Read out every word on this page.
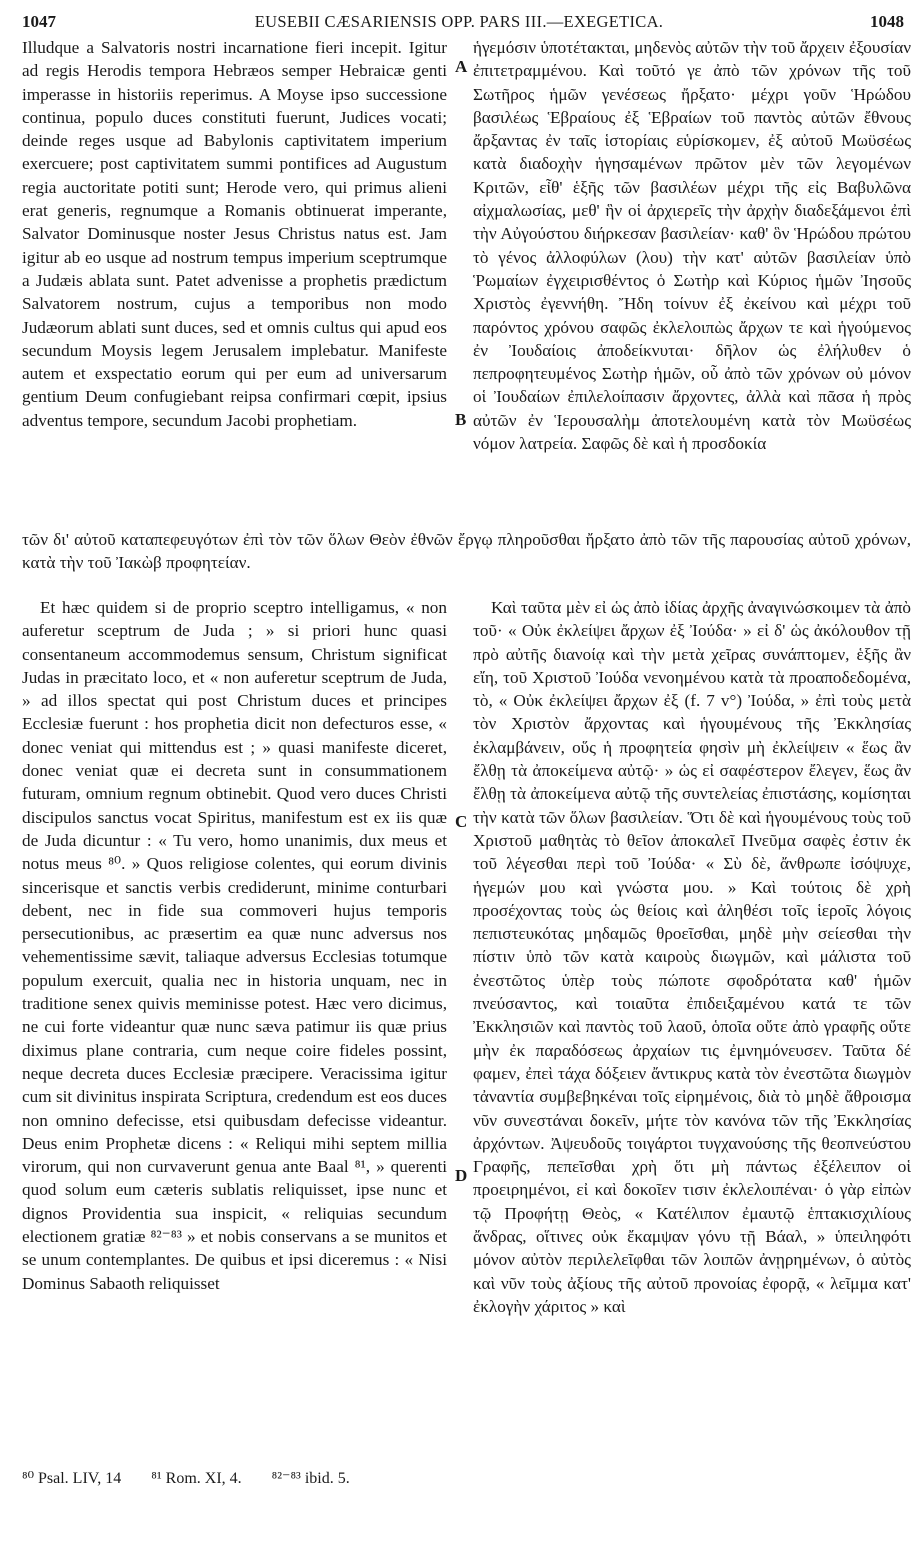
EUSEBII CÆSARIENSIS OPP. PARS III.—EXEGETICA.
1047	1048

Illudque a Salvatoris nostri incarnatione fieri incepit. Igitur ad regis Herodis tempora Hebræos semper Hebraicæ genti imperasse in historiis reperimus. A Moyse ipso successione continua, populo duces constituti fuerunt, Judices vocati; deinde reges usque ad Babylonis captivitatem imperium exercuere; post captivitatem summi pontifices ad Augustum regia auctoritate potiti sunt; Herode vero, qui primus alieni erat generis, regnumque a Romanis obtinuerat imperante, Salvator Dominusque noster Jesus Christus natus est. Jam igitur ab eo usque ad nostrum tempus imperium sceptrumque a Judæis ablata sunt. Patet advenisse a prophetis prædictum Salvatorem nostrum, cujus a temporibus non modo Judæorum ablati sunt duces, sed et omnis cultus qui apud eos secundum Moysis legem Jerusalem implebatur. Manifeste autem et exspectatio eorum qui per eum ad universarum gentium Deum confugiebant reipsa confirmari cœpit, ipsius adventus tempore, secundum Jacobi prophetiam.

A

ἡγεμόσιν ὑποτέτακται, μηδενὸς αὐτῶν τὴν τοῦ ἄρχειν ἐξουσίαν ἐπιτετραμμένου. Καὶ τοῦτό γε ἀπὸ τῶν χρόνων τῆς τοῦ Σωτῆρος ἡμῶν γενέσεως ἤρξατο· μέχρι γοῦν Ἡρώδου βασιλέως Ἑβραίους ἐξ Ἑβραίων τοῦ παντὸς αὐτῶν ἔθνους ἄρξαντας ἐν ταῖς ἱστορίαις εὑρίσκομεν, ἐξ αὐτοῦ Μωϋσέως κατὰ διαδοχὴν ἡγησαμένων πρῶτον μὲν τῶν λεγομένων Κριτῶν, εἶθ' ἑξῆς τῶν βασιλέων μέχρι τῆς εἰς Βαβυλῶνα αἰχμαλωσίας, μεθ' ἣν οἱ ἀρχιερεῖς τὴν ἀρχὴν διαδεξάμενοι ἐπὶ τὴν Αὐγούστου διήρκεσαν βασιλείαν· καθ' ὃν Ἡρώδου πρώτου τὸ γένος ἀλλοφύλων (λου) τὴν κατ' αὐτῶν βασιλείαν ὑπὸ Ῥωμαίων ἐγχειρισθέντος ὁ Σωτὴρ καὶ Κύριος ἡμῶν Ἰησοῦς Χριστὸς ἐγεννήθη. Ἤδη τοίνυν ἐξ ἐκείνου καὶ μέχρι τοῦ παρόντος χρόνου σαφῶς ἐκλελοιπὼς ἄρχων τε καὶ ἡγούμενος ἐν Ἰουδαίοις ἀποδείκνυται· δῆλον ὡς ἐλήλυθεν ὁ πεπροφητευμένος Σωτὴρ ἡμῶν, οὗ ἀπὸ τῶν χρόνων οὐ μόνον οἱ Ἰουδαίων ἐπιλελοίπασιν ἄρχοντες, ἀλλὰ καὶ πᾶσα ἡ πρὸς αὐτῶν ἐν Ἱερουσαλὴμ ἀποτελουμένη κατὰ τὸν Μωϋσέως νόμον λατρεία. Σαφῶς δὲ καὶ ἡ προσδοκία

B
τῶν δι' αὐτοῦ καταπεφευγότων ἐπὶ τὸν τῶν ὅλων Θεὸν ἐθνῶν ἔργῳ πληροῦσθαι ἤρξατο ἀπὸ τῶν τῆς παρουσίας αὐτοῦ χρόνων, κατὰ τὴν τοῦ Ἰακὼβ προφητείαν.

Et hæc quidem si de proprio sceptro intelligamus, « non auferetur sceptrum de Juda ; » si priori hunc quasi consentaneum accommodemus sensum, Christum significat Judas in præcitato loco, et « non auferetur sceptrum de Juda, » ad illos spectat qui post Christum duces et principes Ecclesiæ fuerunt : hos prophetia dicit non defecturos esse, « donec veniat qui mittendus est ; » quasi manifeste diceret, donec veniat quæ ei decreta sunt in consummationem futuram, omnium regnum obtinebit. Quod vero duces Christi discipulos sanctus vocat Spiritus, manifestum est ex iis quæ de Juda dicuntur : « Tu vero, homo unanimis, dux meus et notus meus ⁸⁰. » Quos religiose colentes, qui eorum divinis sincerisque et sanctis verbis crediderunt, minime conturbari debent, nec in fide sua commoveri hujus temporis persecutionibus, ac præsertim ea quæ nunc adversus nos vehementissime sævit, taliaque adversus Ecclesias totumque populum exercuit, qualia nec in historia unquam, nec in traditione senex quivis meminisse potest. Hæc vero dicimus, ne cui forte videantur quæ nunc sæva patimur iis quæ prius diximus plane contraria, cum neque coire fideles possint, neque decreta duces Ecclesiæ præcipere. Veracissima igitur cum sit divinitus inspirata Scriptura, credendum est eos duces non omnino defecisse, etsi quibusdam defecisse videantur. Deus enim Prophetæ dicens : « Reliqui mihi septem millia virorum, qui non curvaverunt genua ante Baal ⁸¹, » querenti quod solum eum cæteris sublatis reliquisset, ipse nunc et dignos Providentia sua inspicit, « reliquias secundum electionem gratiæ ⁸²⁻⁸³ » et nobis conservans a se munitos et se unum contemplantes. De quibus et ipsi diceremus : « Nisi Dominus Sabaoth reliquisset

C

Καὶ ταῦτα μὲν εἰ ὡς ἀπὸ ἰδίας ἀρχῆς ἀναγινώσκοιμεν τὰ ἀπὸ τοῦ· « Οὐκ ἐκλείψει ἄρχων ἐξ Ἰούδα· » εἰ δ' ὡς ἀκόλουθον τῇ πρὸ αὐτῆς διανοίᾳ καὶ τὴν μετὰ χεῖρας συνάπτομεν, ἑξῆς ἂν εἴη, τοῦ Χριστοῦ Ἰούδα νενοημένου κατὰ τὰ προαποδεδομένα, τὸ, « Οὐκ ἐκλείψει ἄρχων ἐξ (f. 7 v°) Ἰούδα, » ἐπὶ τοὺς μετὰ τὸν Χριστὸν ἄρχοντας καὶ ἡγουμένους τῆς Ἐκκλησίας ἐκλαμβάνειν, οὕς ἡ προφητεία φησὶν μὴ ἐκλείψειν « ἕως ἂν ἔλθῃ τὰ ἀποκείμενα αὐτῷ· » ὡς εἰ σαφέστερον ἔλεγεν, ἕως ἂν ἔλθῃ τὰ ἀποκείμενα αὐτῷ τῆς συντελείας ἐπιστάσης, κομίσηται τὴν κατὰ τῶν ὅλων βασιλείαν. Ὅτι δὲ καὶ ἡγουμένους τοὺς τοῦ Χριστοῦ μαθητὰς τὸ θεῖον ἀποκαλεῖ Πνεῦμα σαφὲς ἐστιν ἐκ τοῦ λέγεσθαι περὶ τοῦ Ἰούδα· « Σὺ δὲ, ἄνθρωπε ἰσόψυχε, ἡγεμών μου καὶ γνώστα μου. » Καὶ τούτοις δὲ χρὴ προσέχοντας τοὺς ὡς θείοις καὶ ἀληθέσι τοῖς ἱεροῖς λόγοις πεπιστευκότας μηδαμῶς θροεῖσθαι, μηδὲ μὴν σείεσθαι τὴν πίστιν ὑπὸ τῶν κατὰ καιροὺς διωγμῶν, καὶ μάλιστα τοῦ ἐνεστῶτος ὑπὲρ τοὺς πώποτε σφοδρότατα καθ' ἡμῶν πνεύσαντος, καὶ τοιαῦτα ἐπιδειξαμένου κατά τε τῶν Ἐκκλησιῶν καὶ παντὸς τοῦ λαοῦ, ὁποῖα οὔτε ἀπὸ γραφῆς οὔτε μὴν ἐκ παραδόσεως ἀρχαίων τις ἐμνημόνευσεν. Ταῦτα δέ φαμεν, ἐπεὶ τάχα δόξειεν ἄντικρυς κατὰ τὸν ἐνεστῶτα διωγμὸν τἀναντία συμβεβηκέναι τοῖς εἰρημένοις, διὰ τὸ μηδὲ ἄθροισμα νῦν συνεστάναι δοκεῖν, μήτε τὸν κανόνα τῶν τῆς Ἐκκλησίας ἀρχόντων. Ἀψευδοῦς τοιγάρτοι τυγχανούσης τῆς θεοπνεύστου Γραφῆς, πεπεῖσθαι χρὴ ὅτι μὴ πάντως ἐξέλειπον οἱ προειρημένοι, εἰ καὶ δοκοῖεν τισιν ἐκλελοιπέναι· ὁ γὰρ εἰπὼν τῷ Προφήτῃ Θεὸς, « Κατέλιπον ἐμαυτῷ ἑπτακισχιλίους ἄνδρας, οἵτινες οὐκ ἔκαμψαν γόνυ τῇ Βάαλ, » ὑπειληφότι μόνον αὐτὸν περιλελεῖφθαι τῶν λοιπῶν ἀνῃρημένων, ὁ αὐτὸς καὶ νῦν τοὺς ἀξίους τῆς αὐτοῦ προνοίας ἐφορᾷ, « λεῖμμα κατ' ἐκλογὴν χάριτος » καὶ

D
⁸⁰ Psal. LIV, 14 ⁸¹ Rom. XI, 4. ⁸²⁻⁸³ ibid. 5.
